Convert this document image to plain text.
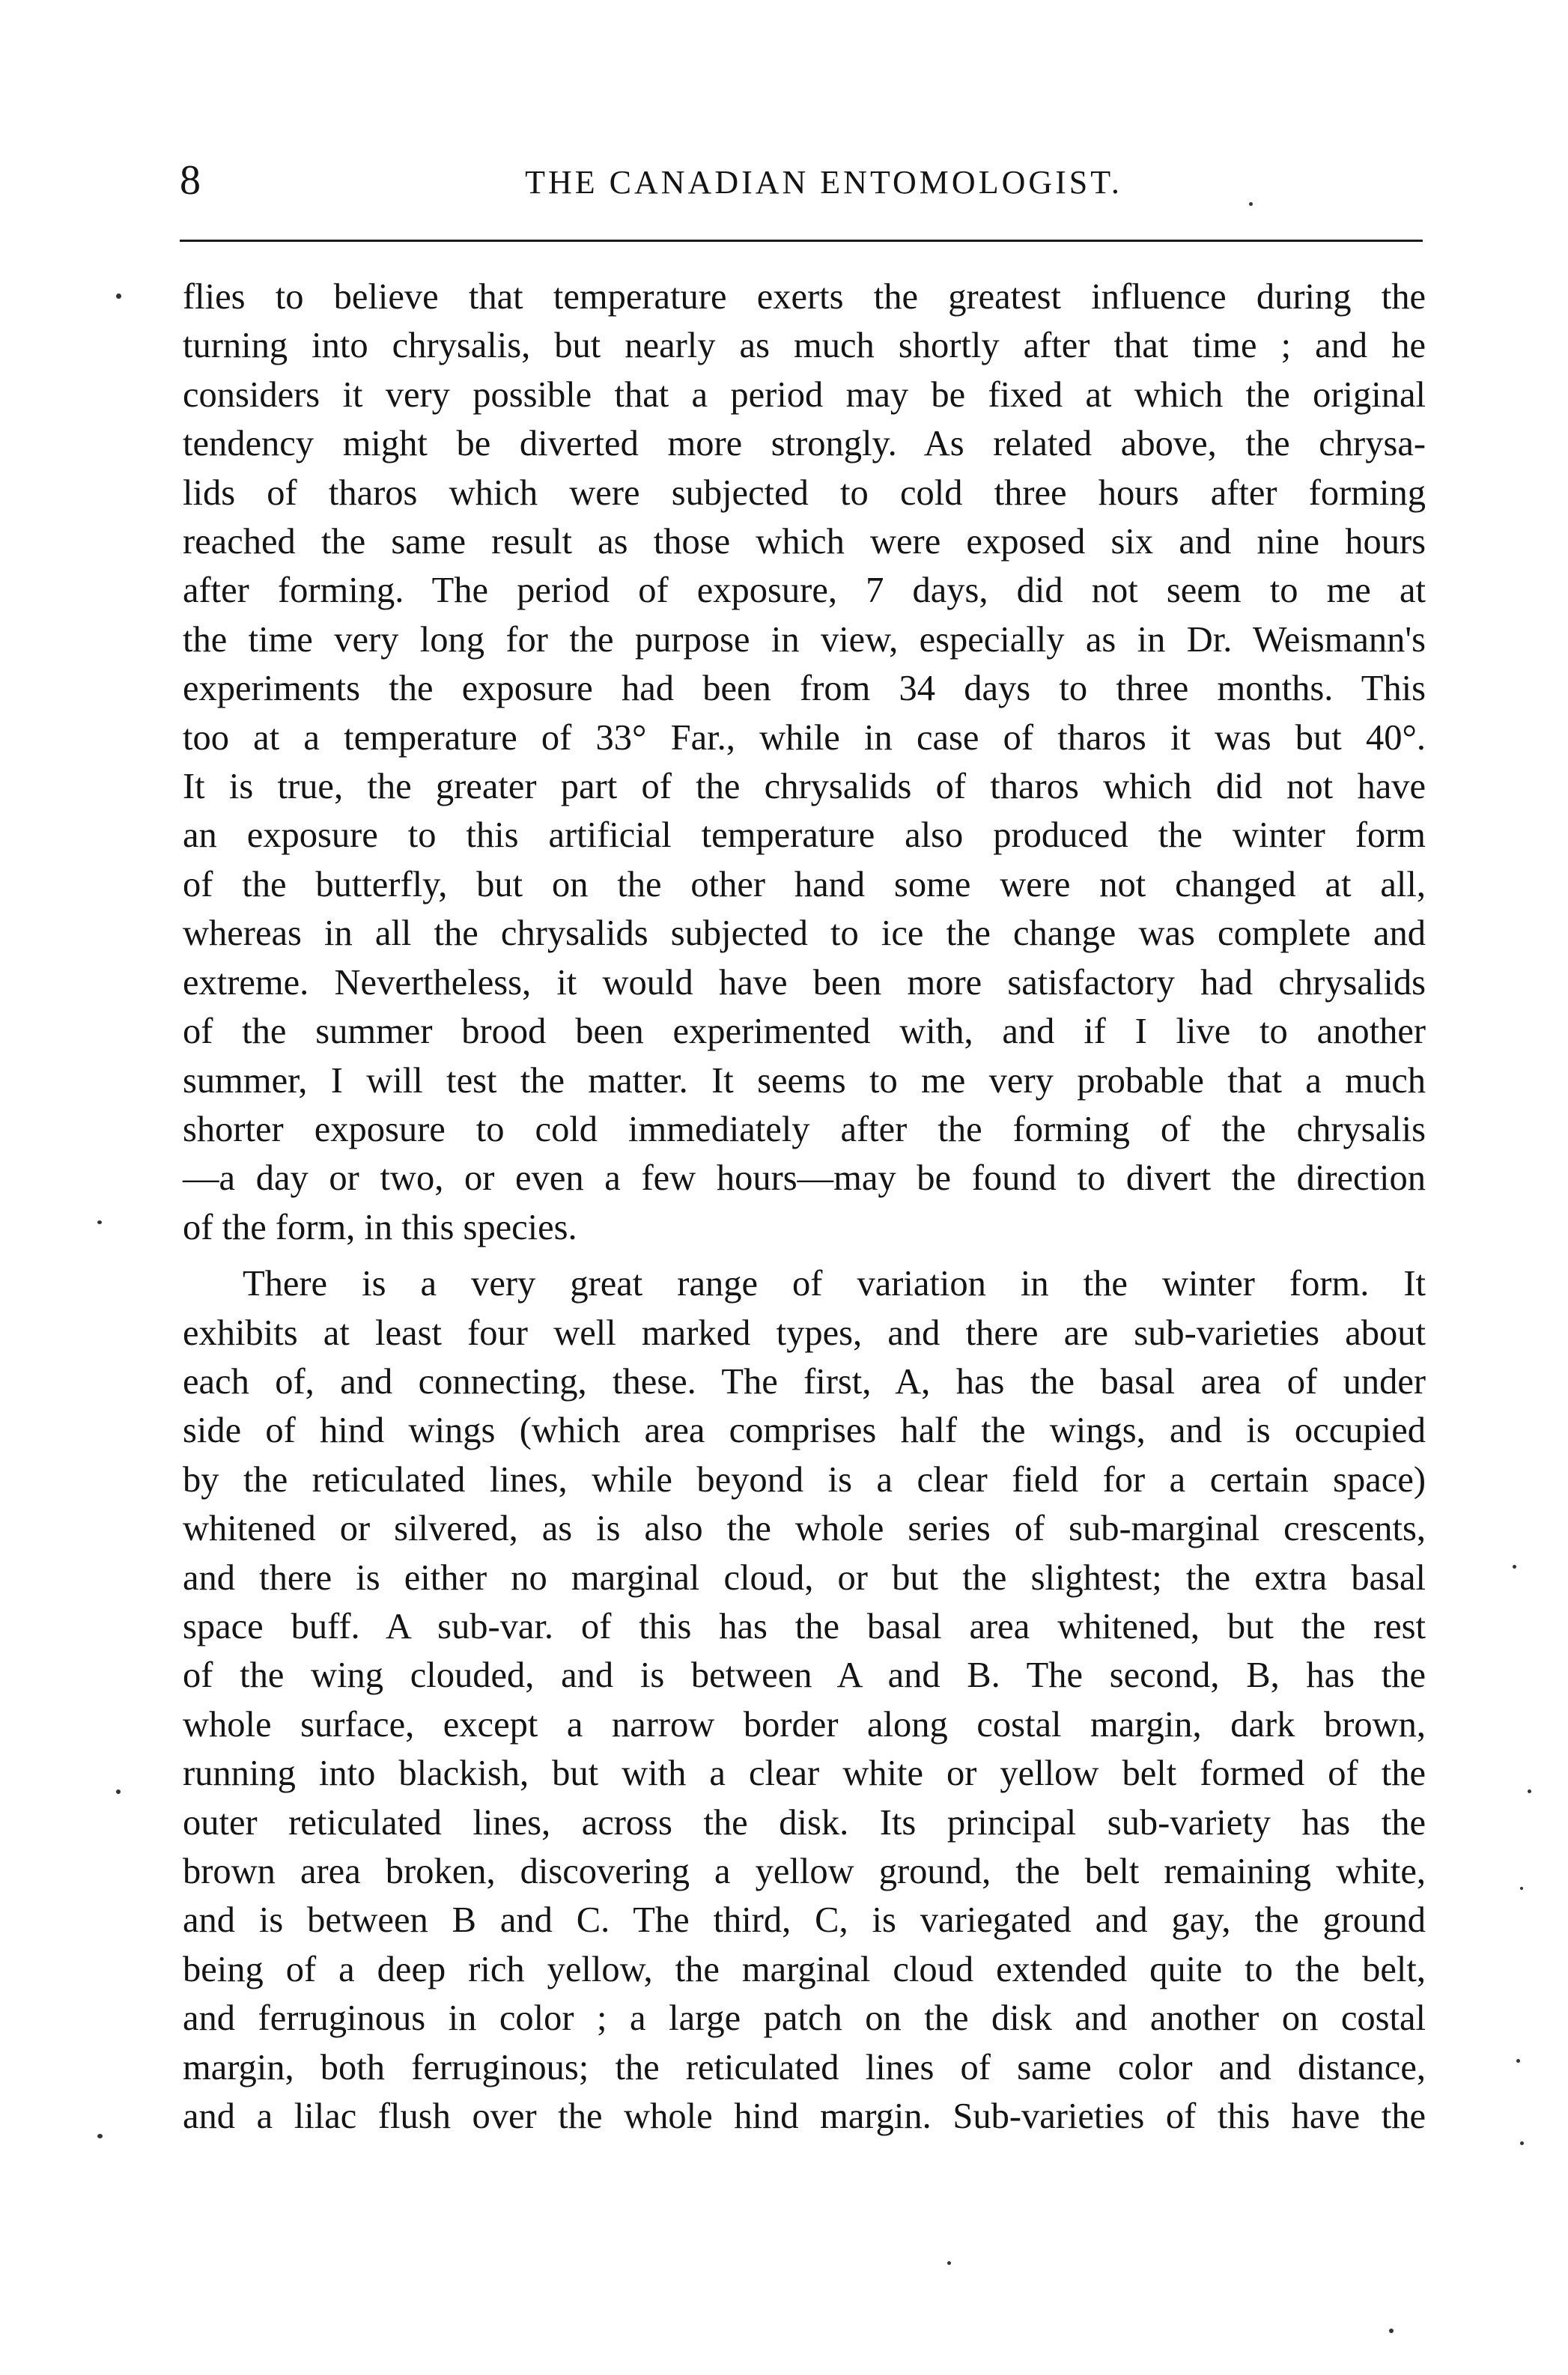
8	THE CANADIAN ENTOMOLOGIST.

flies to believe that temperature exerts the greatest influence during the
turning into chrysalis, but nearly as much shortly after that time ; and he
considers it very possible that a period may be fixed at which the original
tendency might be diverted more strongly. As related above, the chrysa-
lids of tharos which were subjected to cold three hours after forming
reached the same result as those which were exposed six and nine hours
after forming. The period of exposure, 7 days, did not seem to me at
the time very long for the purpose in view, especially as in Dr. Weismann's
experiments the exposure had been from 34 days to three months. This
too at a temperature of 33° Far., while in case of tharos it was but 40°.
It is true, the greater part of the chrysalids of tharos which did not have
an exposure to this artificial temperature also produced the winter form
of the butterfly, but on the other hand some were not changed at all,
whereas in all the chrysalids subjected to ice the change was complete and
extreme. Nevertheless, it would have been more satisfactory had chrysalids
of the summer brood been experimented with, and if I live to another
summer, I will test the matter. It seems to me very probable that a much
shorter exposure to cold immediately after the forming of the chrysalis
—a day or two, or even a few hours—may be found to divert the direction
of the form, in this species.

There is a very great range of variation in the winter form. It
exhibits at least four well marked types, and there are sub-varieties about
each of, and connecting, these. The first, A, has the basal area of under
side of hind wings (which area comprises half the wings, and is occupied
by the reticulated lines, while beyond is a clear field for a certain space)
whitened or silvered, as is also the whole series of sub-marginal crescents,
and there is either no marginal cloud, or but the slightest; the extra basal
space buff. A sub-var. of this has the basal area whitened, but the rest
of the wing clouded, and is between A and B. The second, B, has the
whole surface, except a narrow border along costal margin, dark brown,
running into blackish, but with a clear white or yellow belt formed of the
outer reticulated lines, across the disk. Its principal sub-variety has the
brown area broken, discovering a yellow ground, the belt remaining white,
and is between B and C. The third, C, is variegated and gay, the ground
being of a deep rich yellow, the marginal cloud extended quite to the belt,
and ferruginous in color ; a large patch on the disk and another on costal
margin, both ferruginous; the reticulated lines of same color and distance,
and a lilac flush over the whole hind margin. Sub-varieties of this have the
